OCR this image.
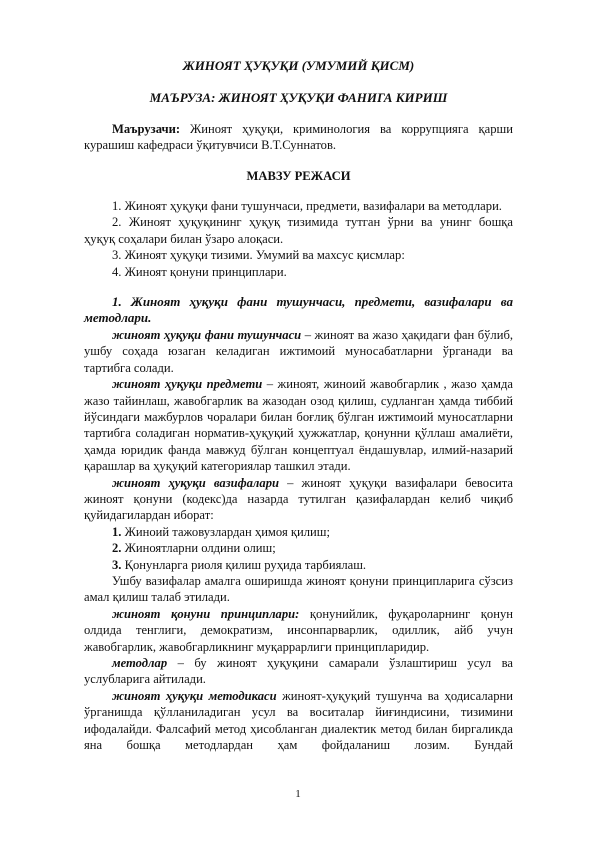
ЖИНОЯТ ҲУҚУҚИ (УМУМИЙ ҚИСМ)

МАЪРУЗА: ЖИНОЯТ ҲУҚУҚИ ФАНИГА КИРИШ

Маърузачи: Жиноят ҳуқуқи, криминология ва коррупцияга қарши

курашиш кафедраси ўқитувчиси В.Т.Суннатов.

МАВЗУ РЕЖАСИ

1. Жиноят ҳуқуқи фани тушунчаси, предмети, вазифалари ва методлари.

2. Жиноят ҳуқуқининг ҳуқуқ тизимида тутган ўрни ва унинг бошқа

ҳуқуқ соҳалари билан ўзаро алоқаси.

3. Жиноят ҳуқуқи тизими. Умумий ва махсус қисмлар:

4. Жиноят қонуни принциплари.

1. Жиноят ҳуқуқи фани тушунчаси, предмети, вазифалари ва

методлари.

жиноят ҳуқуқи фани тушунчаси – жиноят ва жазо ҳақидаги фан бўлиб, ушбу соҳада юзаган келадиган ижтимоий муносабатларни ўрганади ва тартибга солади.

жиноят ҳуқуқи предмети – жиноят, жиноий жавобгарлик , жазо ҳамда жазо тайинлаш, жавобгарлик ва жазодан озод қилиш, судланган ҳамда тиббий йўсиндаги мажбурлов чоралари билан боғлиқ бўлган ижтимоий муносатларни тартибга соладиган норматив-ҳуқуқий ҳужжатлар, қонунни қўллаш амалиёти, ҳамда юридик фанда мавжуд бўлган концептуал ёндашувлар, илмий-назарий қарашлар ва ҳуқуқий категориялар ташкил этади.

жиноят ҳуқуқи вазифалари – жиноят ҳуқуқи вазифалари бевосита жиноят қонуни (кодекс)да назарда тутилган қазифалардан келиб чиқиб қуйидагилардан иборат:

1. Жиноий тажовузлардан ҳимоя қилиш;

2. Жиноятларни олдини олиш;

3. Қонунларга риоля қилиш руҳида тарбиялаш.

Ушбу вазифалар амалга оширишда жиноят қонуни принципларига сўзсиз амал қилиш талаб этилади.

жиноят қонуни принциплари: қонунийлик, фуқароларнинг қонун олдида тенглиги, демократизм, инсонпарварлик, одиллик, айб учун жавобгарлик, жавобгарликнинг муқаррарлиги принципларидир.

методлар – бу жиноят ҳуқуқини самарали ўзлаштириш усул ва услубларига айтилади.

жиноят ҳуқуқи методикаси жиноят-ҳуқуқий тушунча ва ҳодисаларни ўрганишда қўлланиладиган усул ва воситалар йиғиндисини, тизимини ифодалайди. Фалсафий метод ҳисобланган диалектик метод билан биргаликда яна бошқа методлардан ҳам фойдаланиш лозим. Бундай

1
